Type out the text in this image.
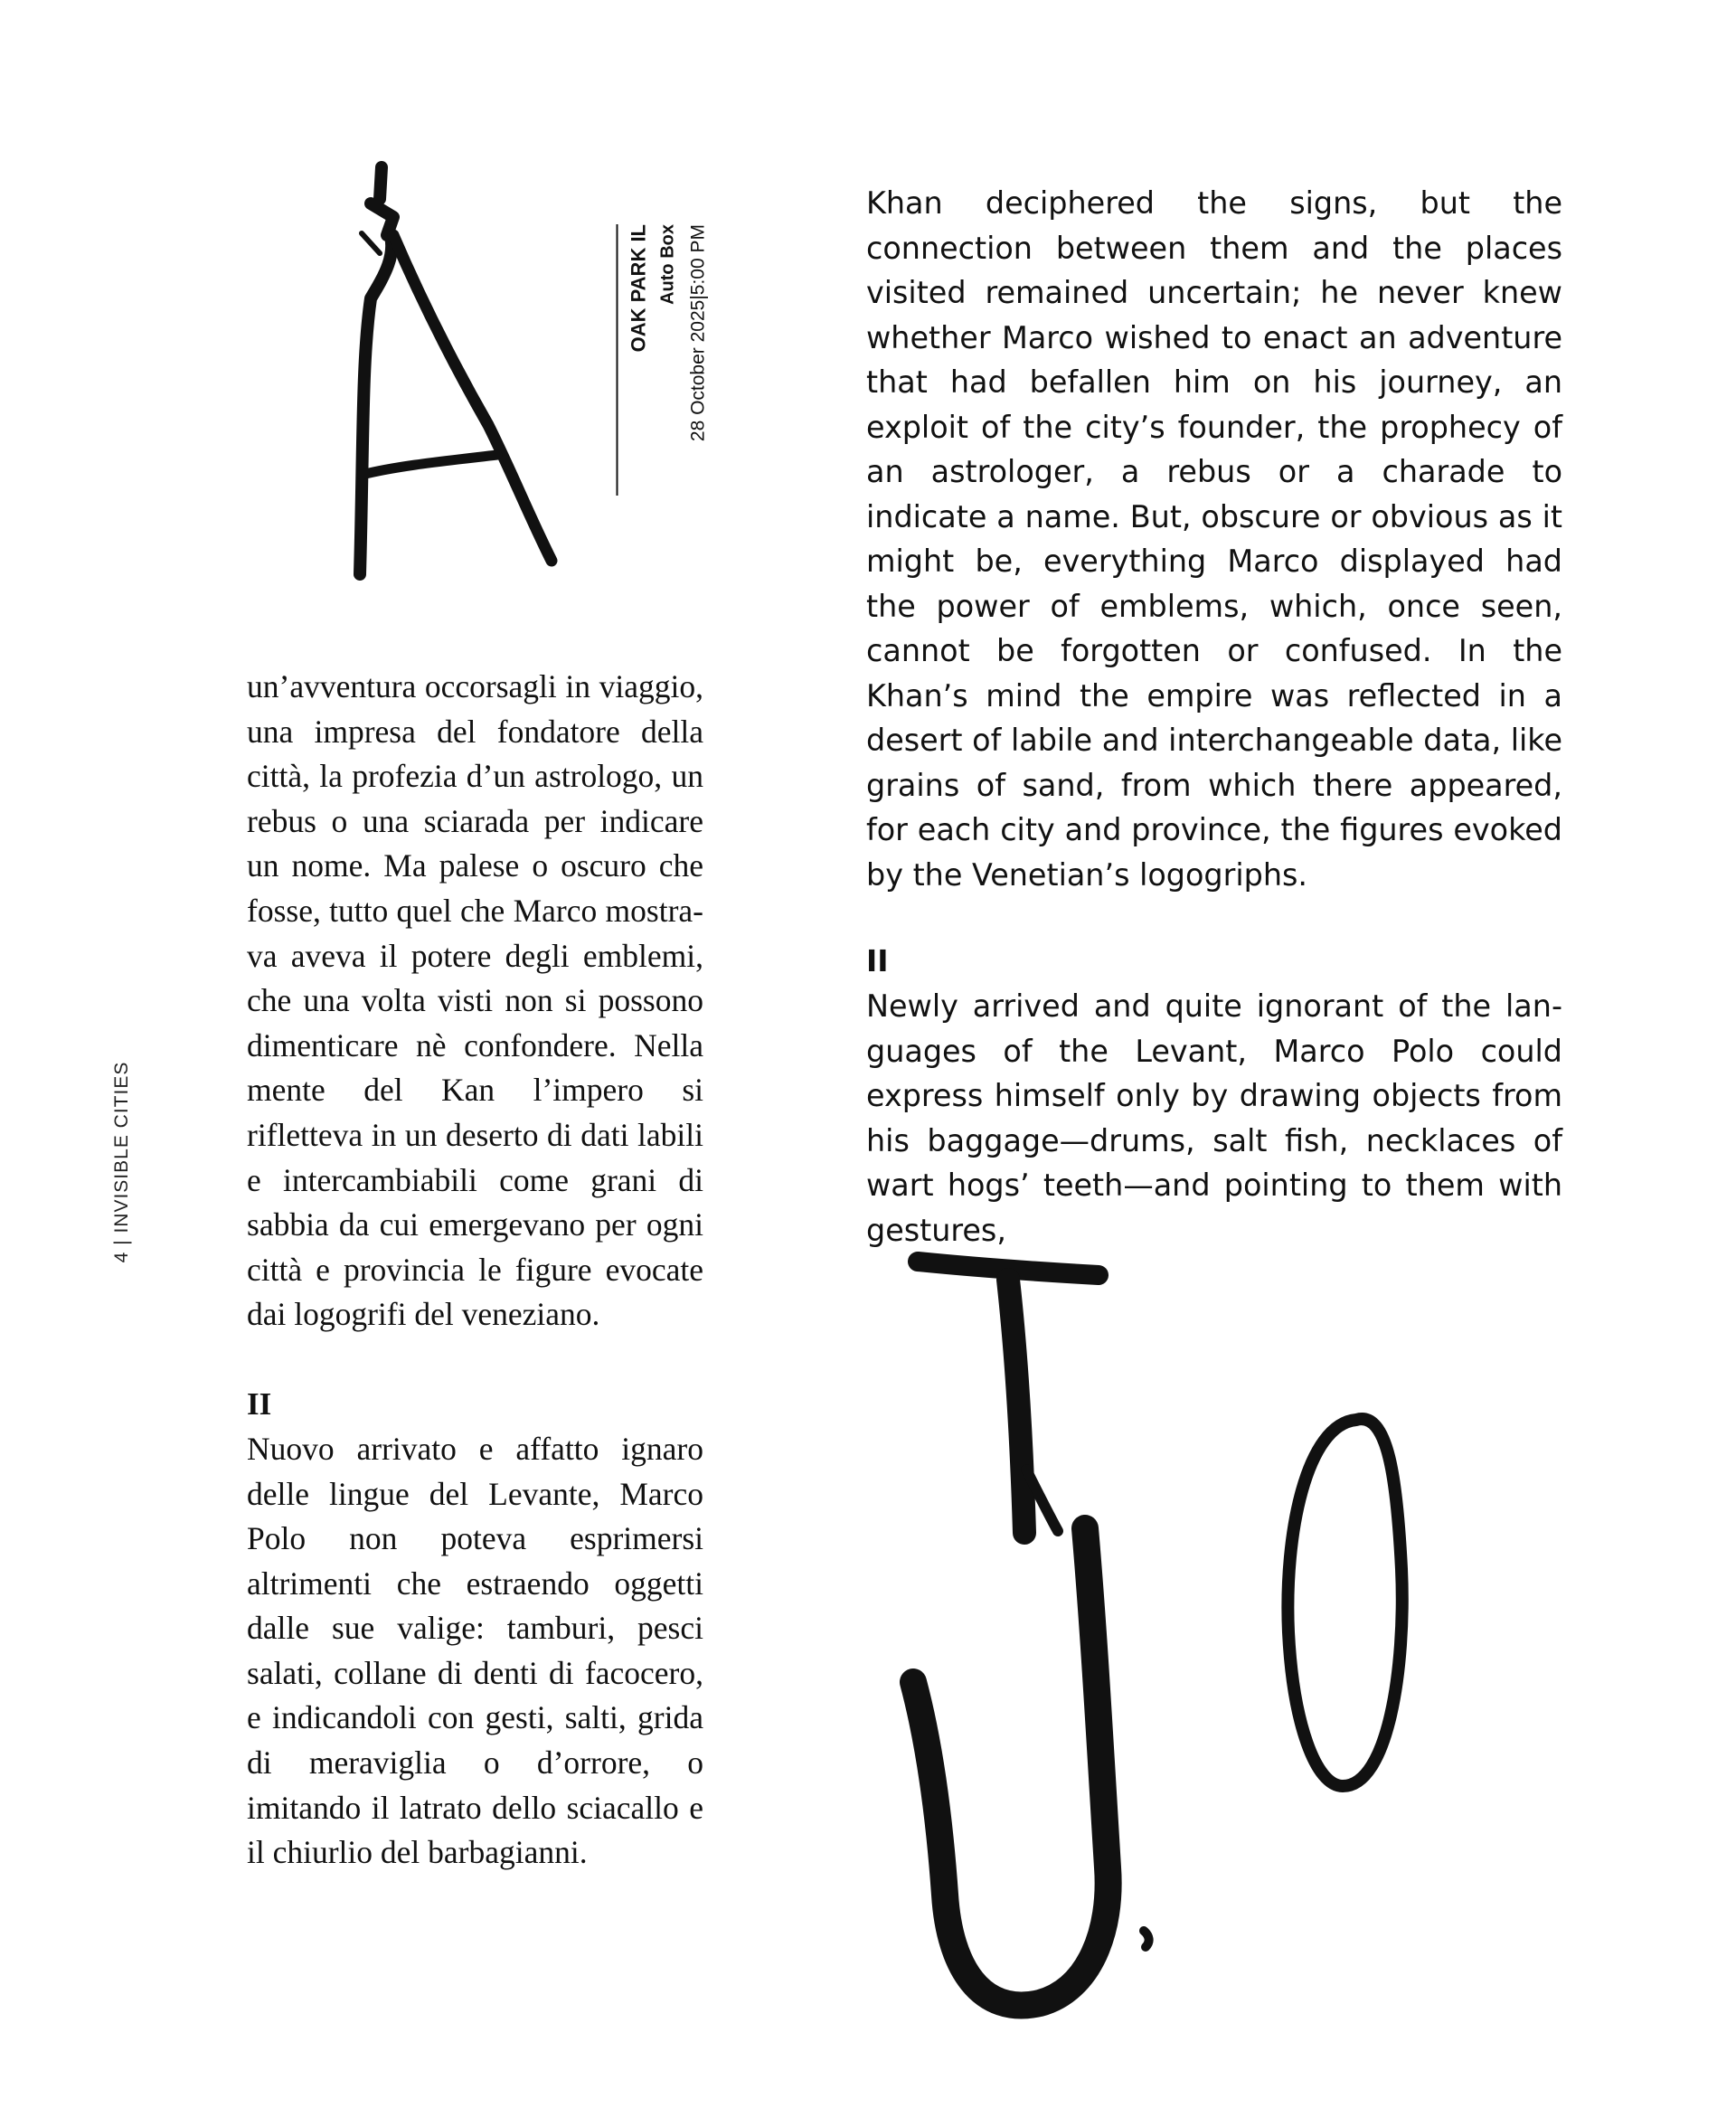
4 | INVISIBLE CITIES
OAK PARK IL Auto Box 28 October 2025|5:00 PM

un’avventura occorsagli in viaggio, una impresa del fondatore della città, la profezia d’un astrologo, un rebus o una sciarada per indicare un nome. Ma palese o oscuro che fosse, tutto quel che Marco mostrava aveva il potere degli emblemi, che una volta visti non si possono dimenticare nè confondere. Nella mente del Kan l’impero si rifletteva in un deserto di dati labili e intercambiabili come grani di sabbia da cui emergevano per ogni città e provincia le figure evocate dai logogrifi del veneziano.

II

Nuovo arrivato e affatto ignaro delle lingue del Levante, Marco Polo non poteva esprimersi altrimenti che estraendo oggetti dalle sue valige: tamburi, pesci salati, collane di denti di facocero, e indicandoli con gesti, salti, grida di meraviglia o d’orrore, o imitando il latrato dello sciacallo e il chiurlio del barbagianni.

Khan deciphered the signs, but the connection between them and the places visited remained uncertain; he never knew whether Marco wished to enact an adventure that had befallen him on his journey, an exploit of the city’s founder, the prophecy of an astrologer, a rebus or a charade to indicate a name. But, obscure or obvious as it might be, everything Marco displayed had the power of emblems, which, once seen, cannot be forgotten or confused. In the Khan’s mind the empire was reflected in a desert of labile and interchangeable data, like grains of sand, from which there appeared, for each city and province, the figures evoked by the Venetian’s logogriphs.

II

Newly arrived and quite ignorant of the languages of the Levant, Marco Polo could express himself only by drawing objects from his baggage—drums, salt fish, necklaces of wart hogs’ teeth—and pointing to them with gestures,
